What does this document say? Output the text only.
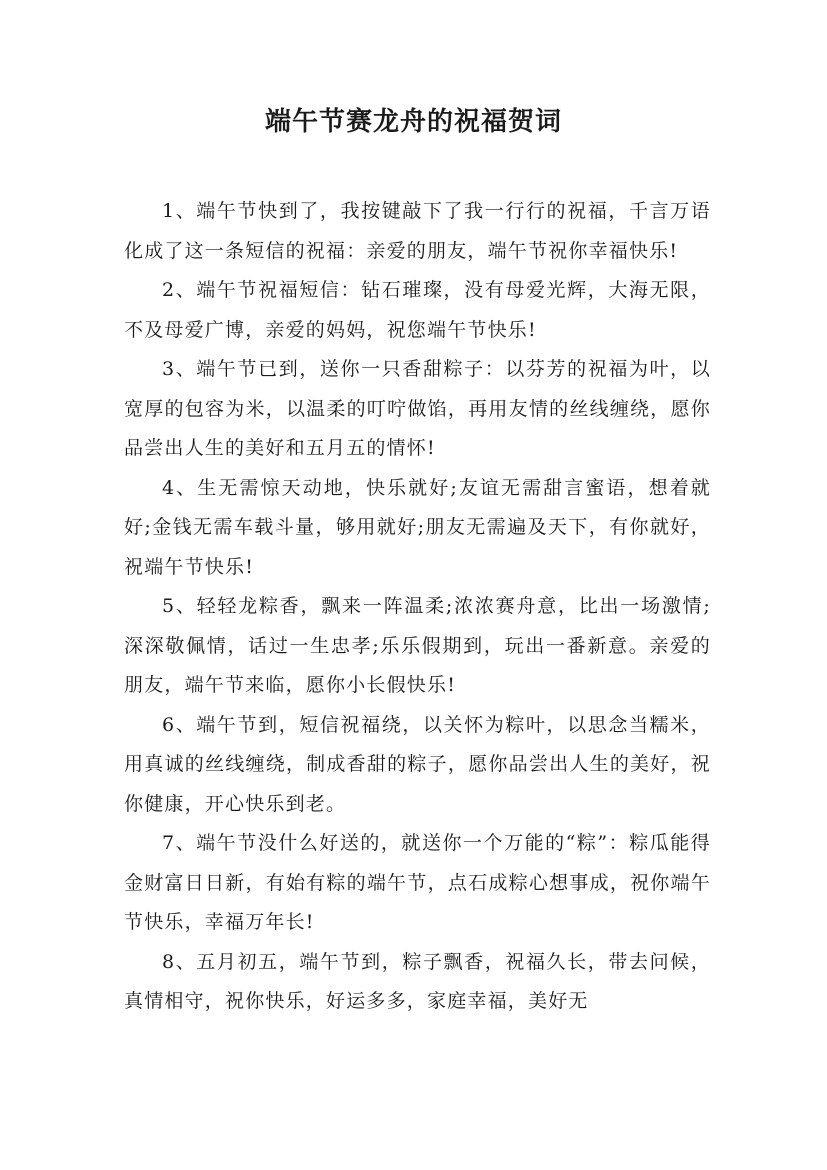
端午节赛龙舟的祝福贺词

1、端午节快到了，我按键敲下了我一行行的祝福，千言万语化成了这一条短信的祝福：亲爱的朋友，端午节祝你幸福快乐!

2、端午节祝福短信：钻石璀璨，没有母爱光辉，大海无限，不及母爱广博，亲爱的妈妈，祝您端午节快乐!

3、端午节已到，送你一只香甜粽子：以芬芳的祝福为叶，以宽厚的包容为米，以温柔的叮咛做馅，再用友情的丝线缠绕，愿你品尝出人生的美好和五月五的情怀!

4、生无需惊天动地，快乐就好;友谊无需甜言蜜语，想着就好;金钱无需车载斗量，够用就好;朋友无需遍及天下，有你就好，祝端午节快乐!

5、轻轻龙粽香，飘来一阵温柔;浓浓赛舟意，比出一场激情;深深敬佩情，话过一生忠孝;乐乐假期到，玩出一番新意。亲爱的朋友，端午节来临，愿你小长假快乐!

6、端午节到，短信祝福绕，以关怀为粽叶，以思念当糯米，用真诚的丝线缠绕，制成香甜的粽子，愿你品尝出人生的美好，祝你健康，开心快乐到老。

7、端午节没什么好送的，就送你一个万能的“粽”：粽瓜能得金财富日日新，有始有粽的端午节，点石成粽心想事成，祝你端午节快乐，幸福万年长!

8、五月初五，端午节到，粽子飘香，祝福久长，带去问候，真情相守，祝你快乐，好运多多，家庭幸福，美好无
